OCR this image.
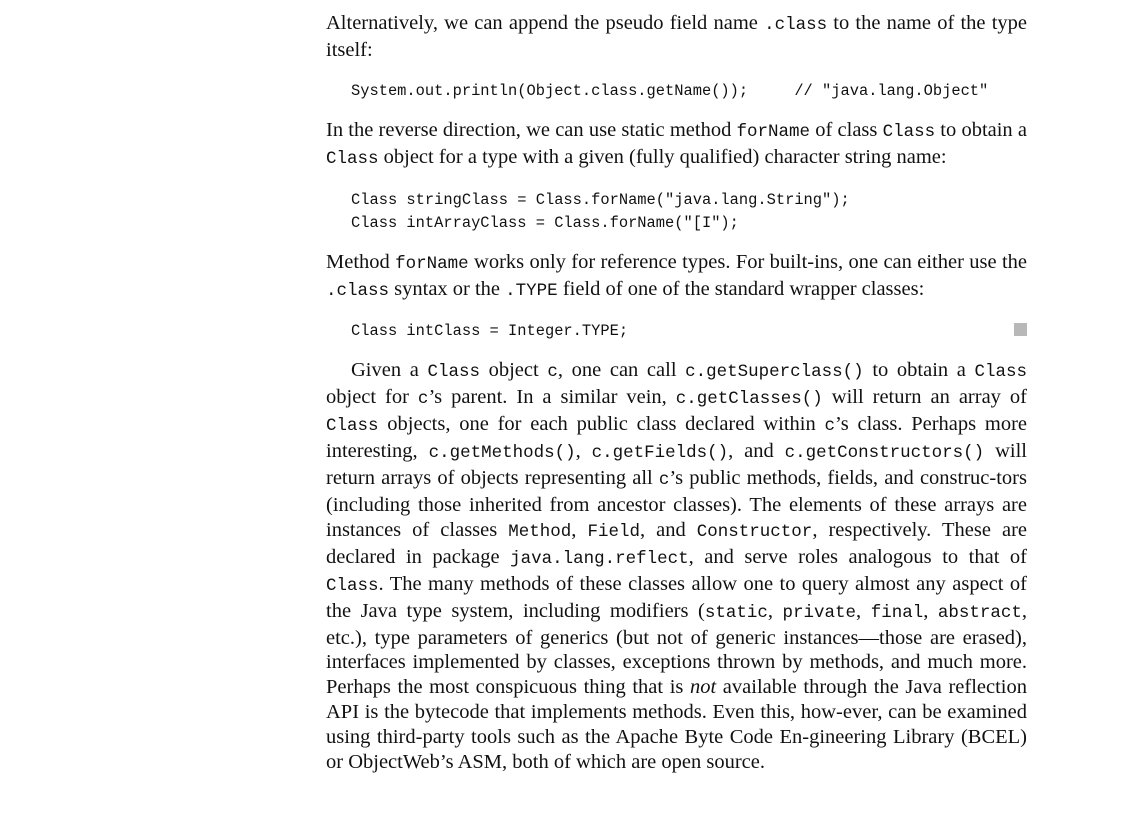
Alternatively, we can append the pseudo field name .class to the name of the type itself:

System.out.println(Object.class.getName());     // "java.lang.Object"

In the reverse direction, we can use static method forName of class Class to obtain a Class object for a type with a given (fully qualified) character string name:

Class stringClass = Class.forName("java.lang.String");
Class intArrayClass = Class.forName("[I");

Method forName works only for reference types. For built-ins, one can either use the .class syntax or the .TYPE field of one of the standard wrapper classes:

Class intClass = Integer.TYPE;

Given a Class object c, one can call c.getSuperclass() to obtain a Class object for c’s parent. In a similar vein, c.getClasses() will return an array of Class objects, one for each public class declared within c’s class. Perhaps more interesting, c.getMethods(), c.getFields(), and c.getConstructors() will return arrays of objects representing all c’s public methods, fields, and construc-tors (including those inherited from ancestor classes). The elements of these arrays are instances of classes Method, Field, and Constructor, respectively. These are declared in package java.lang.reflect, and serve roles analogous to that of Class. The many methods of these classes allow one to query almost any aspect of the Java type system, including modifiers (static, private, final, abstract, etc.), type parameters of generics (but not of generic instances—those are erased), interfaces implemented by classes, exceptions thrown by methods, and much more. Perhaps the most conspicuous thing that is not available through the Java reflection API is the bytecode that implements methods. Even this, how-ever, can be examined using third-party tools such as the Apache Byte Code En-gineering Library (BCEL) or ObjectWeb’s ASM, both of which are open source.
